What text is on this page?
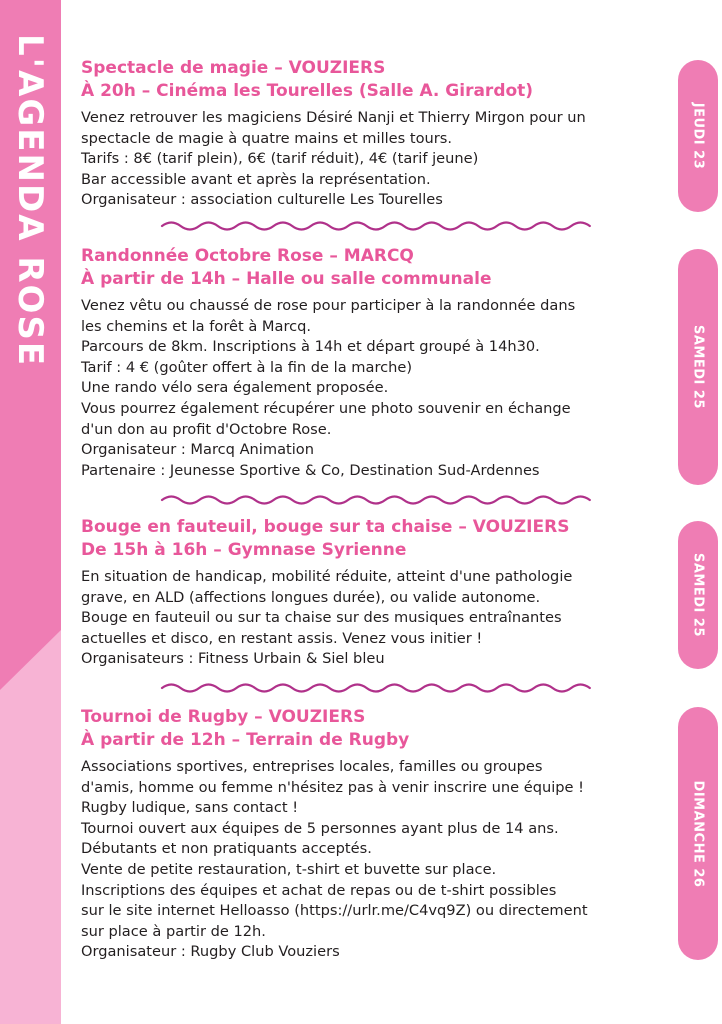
L'AGENDA ROSE	JEUDI 23
SAMEDI 25
SAMEDI 25
DIMANCHE 26
Spectacle de magie – VOUZIERS
À 20h – Cinéma les Tourelles (Salle A. Girardot)

Venez retrouver les magiciens Désiré Nanji et Thierry Mirgon pour un

spectacle de magie à quatre mains et milles tours.

Tarifs : 8€ (tarif plein), 6€ (tarif réduit), 4€ (tarif jeune)

Bar accessible avant et après la représentation.

Organisateur : association culturelle Les Tourelles

Randonnée Octobre Rose – MARCQ
À partir de 14h – Halle ou salle communale

Venez vêtu ou chaussé de rose pour participer à la randonnée dans

les chemins et la forêt à Marcq.

Parcours de 8km. Inscriptions à 14h et départ groupé à 14h30.

Tarif : 4 € (goûter offert à la fin de la marche)

Une rando vélo sera également proposée.

Vous pourrez également récupérer une photo souvenir en échange

d'un don au profit d'Octobre Rose.

Organisateur : Marcq Animation

Partenaire : Jeunesse Sportive & Co, Destination Sud-Ardennes

Bouge en fauteuil, bouge sur ta chaise – VOUZIERS
De 15h à 16h – Gymnase Syrienne

En situation de handicap, mobilité réduite, atteint d'une pathologie

grave, en ALD (affections longues durée), ou valide autonome.

Bouge en fauteuil ou sur ta chaise sur des musiques entraînantes

actuelles et disco, en restant assis. Venez vous initier !

Organisateurs : Fitness Urbain & Siel bleu

Tournoi de Rugby – VOUZIERS
À partir de 12h – Terrain de Rugby

Associations sportives, entreprises locales, familles ou groupes

d'amis, homme ou femme n'hésitez pas à venir inscrire une équipe !

Rugby ludique, sans contact !

Tournoi ouvert aux équipes de 5 personnes ayant plus de 14 ans.

Débutants et non pratiquants acceptés.

Vente de petite restauration, t-shirt et buvette sur place.

Inscriptions des équipes et achat de repas ou de t-shirt possibles

sur le site internet Helloasso (https://urlr.me/C4vq9Z) ou directement

sur place à partir de 12h.

Organisateur : Rugby Club Vouziers
